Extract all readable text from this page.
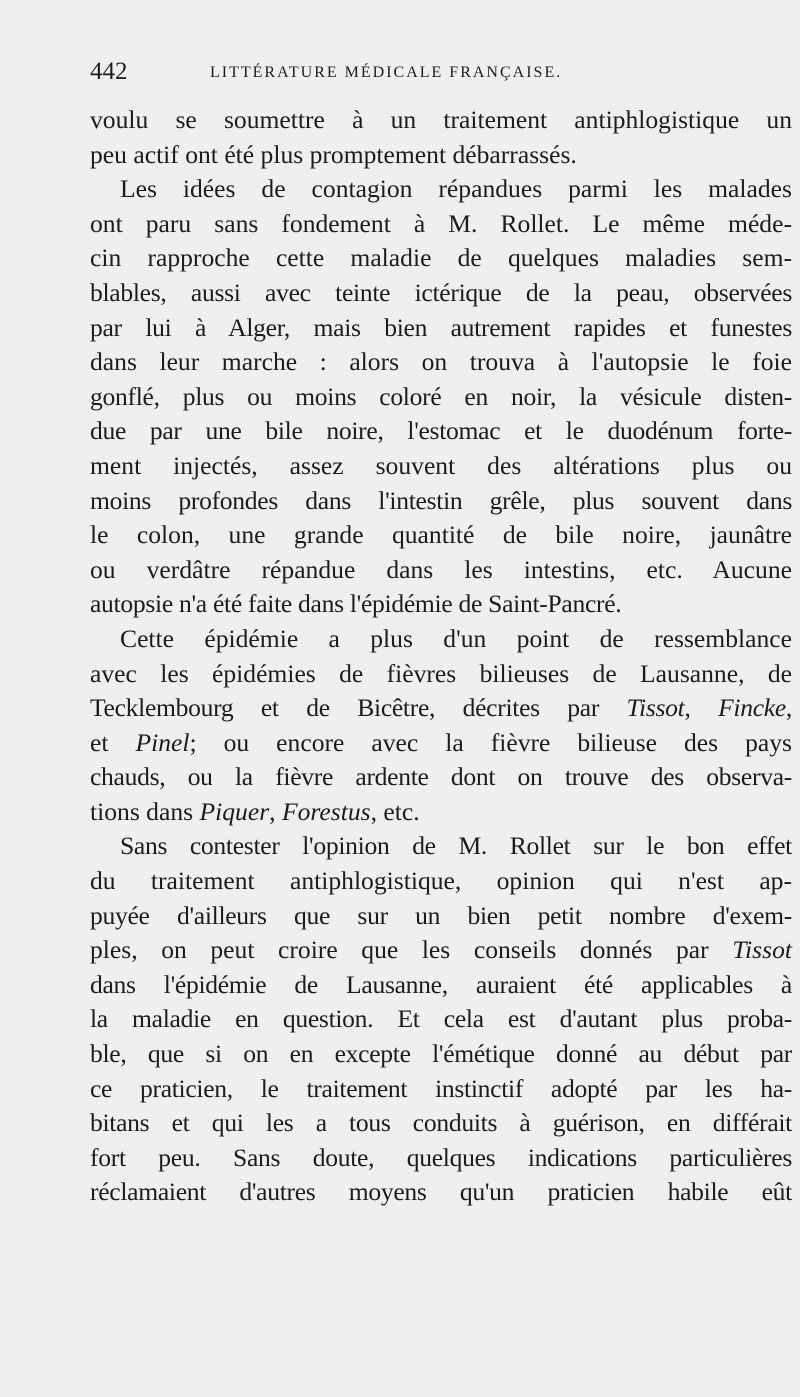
442	LITTÉRATURE MÉDICALE FRANÇAISE.
voulu se soumettre à un traitement antiphlogistique un
peu actif ont été plus promptement débarrassés.
Les idées de contagion répandues parmi les malades
ont paru sans fondement à M. Rollet. Le même méde-
cin rapproche cette maladie de quelques maladies sem-
blables, aussi avec teinte ictérique de la peau, observées
par lui à Alger, mais bien autrement rapides et funestes
dans leur marche : alors on trouva à l'autopsie le foie
gonflé, plus ou moins coloré en noir, la vésicule disten-
due par une bile noire, l'estomac et le duodénum forte-
ment injectés, assez souvent des altérations plus ou
moins profondes dans l'intestin grêle, plus souvent dans
le colon, une grande quantité de bile noire, jaunâtre
ou verdâtre répandue dans les intestins, etc. Aucune
autopsie n'a été faite dans l'épidémie de Saint-Pancré.
Cette épidémie a plus d'un point de ressemblance
avec les épidémies de fièvres bilieuses de Lausanne, de
Tecklembourg et de Bicêtre, décrites par Tissot, Fincke,
et Pinel; ou encore avec la fièvre bilieuse des pays
chauds, ou la fièvre ardente dont on trouve des observa-
tions dans Piquer, Forestus, etc.
Sans contester l'opinion de M. Rollet sur le bon effet
du traitement antiphlogistique, opinion qui n'est ap-
puyée d'ailleurs que sur un bien petit nombre d'exem-
ples, on peut croire que les conseils donnés par Tissot
dans l'épidémie de Lausanne, auraient été applicables à
la maladie en question. Et cela est d'autant plus proba-
ble, que si on en excepte l'émétique donné au début par
ce praticien, le traitement instinctif adopté par les ha-
bitans et qui les a tous conduits à guérison, en différait
fort peu. Sans doute, quelques indications particulières
réclamaient d'autres moyens qu'un praticien habile eût
